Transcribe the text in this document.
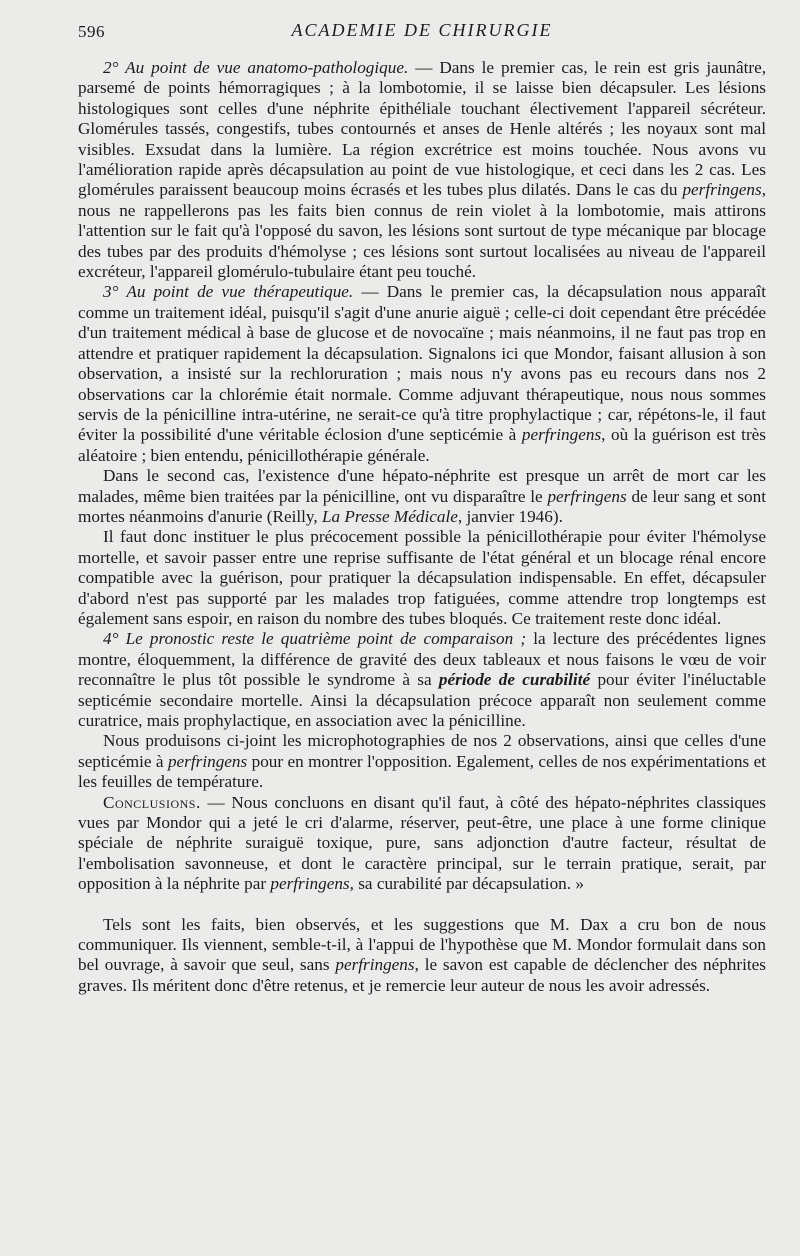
596	ACADEMIE DE CHIRURGIE

2° Au point de vue anatomo-pathologique. — Dans le premier cas, le rein est gris jaunâtre, parsemé de points hémorragiques ; à la lombotomie, il se laisse bien décapsuler. Les lésions histologiques sont celles d'une néphrite épithéliale touchant électivement l'appareil sécréteur. Glomérules tassés, congestifs, tubes contournés et anses de Henle altérés ; les noyaux sont mal visibles. Exsudat dans la lumière. La région excrétrice est moins touchée. Nous avons vu l'amélioration rapide après décapsulation au point de vue histologique, et ceci dans les 2 cas. Les glomérules paraissent beaucoup moins écrasés et les tubes plus dilatés. Dans le cas du perfringens, nous ne rappellerons pas les faits bien connus de rein violet à la lombotomie, mais attirons l'attention sur le fait qu'à l'opposé du savon, les lésions sont surtout de type mécanique par blocage des tubes par des produits d'hémolyse ; ces lésions sont surtout localisées au niveau de l'appareil excréteur, l'appareil glomérulo-tubulaire étant peu touché.

3° Au point de vue thérapeutique. — Dans le premier cas, la décapsulation nous apparaît comme un traitement idéal, puisqu'il s'agit d'une anurie aiguë ; celle-ci doit cependant être précédée d'un traitement médical à base de glucose et de novocaïne ; mais néanmoins, il ne faut pas trop en attendre et pratiquer rapidement la décapsulation. Signalons ici que Mondor, faisant allusion à son observation, a insisté sur la rechloruration ; mais nous n'y avons pas eu recours dans nos 2 observations car la chlorémie était normale. Comme adjuvant thérapeutique, nous nous sommes servis de la pénicilline intra-utérine, ne serait-ce qu'à titre prophylactique ; car, répétons-le, il faut éviter la possibilité d'une véritable éclosion d'une septicémie à perfringens, où la guérison est très aléatoire ; bien entendu, pénicillothérapie générale.

Dans le second cas, l'existence d'une hépato-néphrite est presque un arrêt de mort car les malades, même bien traitées par la pénicilline, ont vu disparaître le perfringens de leur sang et sont mortes néanmoins d'anurie (Reilly, La Presse Médicale, janvier 1946).

Il faut donc instituer le plus précocement possible la pénicillothérapie pour éviter l'hémolyse mortelle, et savoir passer entre une reprise suffisante de l'état général et un blocage rénal encore compatible avec la guérison, pour pratiquer la décapsulation indispensable. En effet, décapsuler d'abord n'est pas supporté par les malades trop fatiguées, comme attendre trop longtemps est également sans espoir, en raison du nombre des tubes bloqués. Ce traitement reste donc idéal.

4° Le pronostic reste le quatrième point de comparaison ; la lecture des précédentes lignes montre, éloquemment, la différence de gravité des deux tableaux et nous faisons le vœu de voir reconnaître le plus tôt possible le syndrome à sa période de curabilité pour éviter l'inéluctable septicémie secondaire mortelle. Ainsi la décapsulation précoce apparaît non seulement comme curatrice, mais prophylactique, en association avec la pénicilline.

Nous produisons ci-joint les microphotographies de nos 2 observations, ainsi que celles d'une septicémie à perfringens pour en montrer l'opposition. Egalement, celles de nos expérimentations et les feuilles de température.

Conclusions. — Nous concluons en disant qu'il faut, à côté des hépato-néphrites classiques vues par Mondor qui a jeté le cri d'alarme, réserver, peut-être, une place à une forme clinique spéciale de néphrite suraiguë toxique, pure, sans adjonction d'autre facteur, résultat de l'embolisation savonneuse, et dont le caractère principal, sur le terrain pratique, serait, par opposition à la néphrite par perfringens, sa curabilité par décapsulation. »

Tels sont les faits, bien observés, et les suggestions que M. Dax a cru bon de nous communiquer. Ils viennent, semble-t-il, à l'appui de l'hypothèse que M. Mondor formulait dans son bel ouvrage, à savoir que seul, sans perfringens, le savon est capable de déclencher des néphrites graves. Ils méritent donc d'être retenus, et je remercie leur auteur de nous les avoir adressés.
